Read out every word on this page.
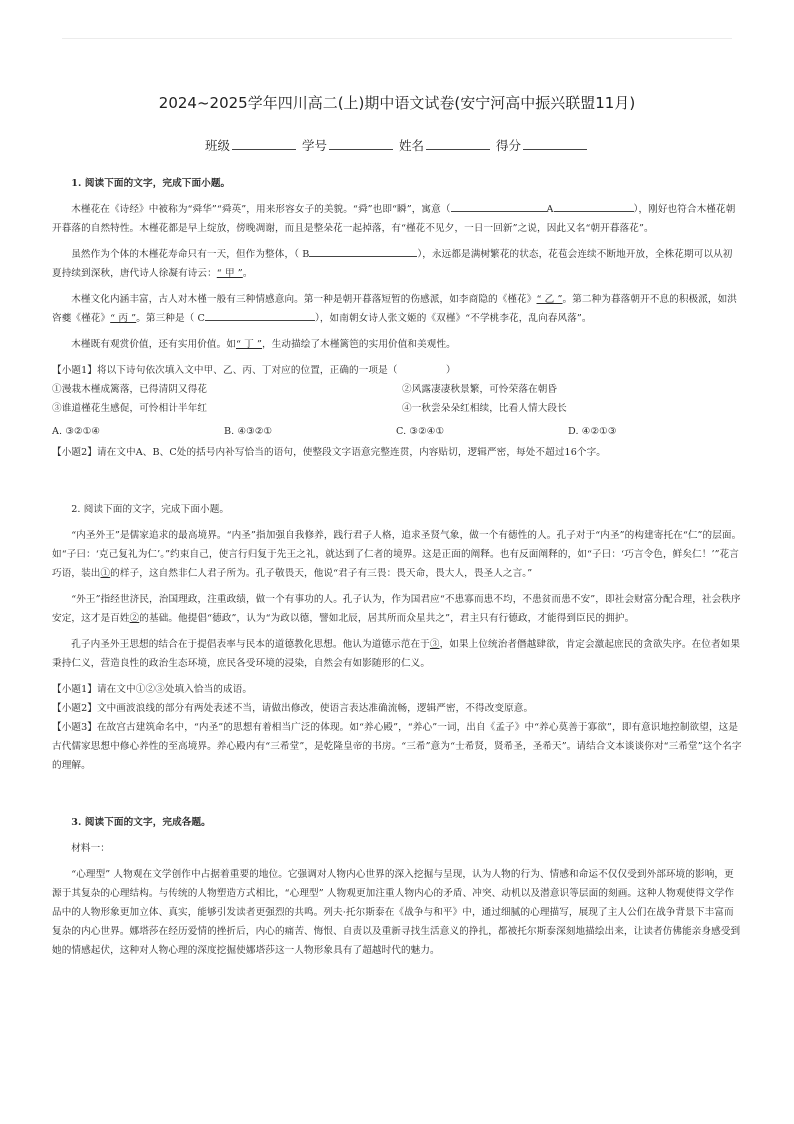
2024~2025学年四川高二(上)期中语文试卷(安宁河高中振兴联盟11月)
班级	学号	姓名	得分

1. 阅读下面的文字，完成下面小题。

木槿花在《诗经》中被称为“舜华”“舜英”，用来形容女子的美貌。“舜”也即“瞬”，寓意（	A	），刚好也符合木槿花朝开暮落的自然特性。木槿花都是早上绽放，傍晚凋谢，而且是整朵花一起掉落，有“槿花不见夕，一日一回新”之说，因此又名“朝开暮落花”。

虽然作为个体的木槿花寿命只有一天，但作为整体，（ B	），永远都是满树繁花的状态，花苞会连续不断地开放，全株花期可以从初夏持续到深秋，唐代诗人徐凝有诗云：“ 甲 ”。

木槿文化内涵丰富，古人对木槿一般有三种情感意向。第一种是朝开暮落短暂的伤感派，如李商隐的《槿花》“ 乙 ”。第二种为暮落朝开不息的积极派，如洪咨夔《槿花》“ 丙 ”。第三种是（ C	），如南朝女诗人张文姬的《双槿》“不学桃李花，乱向春风落”。

木槿既有观赏价值，还有实用价值。如“ 丁 ”，生动描绘了木槿篱笆的实用价值和美观性。

【小题1】将以下诗句依次填入文中甲、乙、丙、丁对应的位置，正确的一项是（　　　　　）

①漫栽木槿成篱落，已得清阴又得花	②风露凄凄秋景繁，可怜荣落在朝昏
③谁道槿花生感促，可怜相计半年红	④一秋尝朵朵红相续，比看人情大段长
A. ③②①④	B. ④③②①	C. ③②④①	D. ④②①③

【小题2】请在文中A、B、C处的括号内补写恰当的语句，使整段文字语意完整连贯，内容贴切，逻辑严密，每处不超过16个字。

2. 阅读下面的文字，完成下面小题。

“内圣外王”是儒家追求的最高境界。“内圣”指加强自我修养，践行君子人格，追求圣贤气象，做一个有德性的人。孔子对于“内圣”的构建寄托在“仁”的层面。如“子曰：‘克己复礼为仁’。”约束自己，使言行归复于先王之礼，就达到了仁者的境界。这是正面的阐释。也有反面阐释的，如“子曰：‘巧言令色，鲜矣仁！’”花言巧语，装出①的样子，这自然非仁人君子所为。孔子敬畏天，他说“君子有三畏：畏天命，畏大人，畏圣人之言。”

“外王”指经世济民，治国理政，注重政绩，做一个有事功的人。孔子认为，作为国君应“不患寡而患不均，不患贫而患不安”，即社会财富分配合理，社会秩序安定，这才是百姓②的基础。他提倡“德政”，认为“为政以德，譬如北辰，居其所而众星共之”，君主只有行德政，才能得到臣民的拥护。

孔子内圣外王思想的结合在于提倡表率与民本的道德教化思想。他认为道德示范在于③，如果上位统治者僭越肆欲，肯定会激起庶民的贪欲失序。在位者如果秉持仁义，营造良性的政治生态环境，庶民各受环境的浸染，自然会有如影随形的仁义。

【小题1】请在文中①②③处填入恰当的成语。

【小题2】文中画波浪线的部分有两处表述不当，请做出修改，使语言表达准确流畅，逻辑严密，不得改变原意。

【小题3】在故宫古建筑命名中，“内圣”的思想有着相当广泛的体现。如“养心殿”，“养心”一词，出自《孟子》中“养心莫善于寡欲”，即有意识地控制欲望，这是古代儒家思想中修心养性的至高境界。养心殿内有“三希堂”，是乾隆皇帝的书房。“三希”意为“士希贤，贤希圣，圣希天”。请结合文本谈谈你对“三希堂”这个名字的理解。

3. 阅读下面的文字，完成各题。

材料一：

“心理型” 人物观在文学创作中占据着重要的地位。它强调对人物内心世界的深入挖掘与呈现，认为人物的行为、情感和命运不仅仅受到外部环境的影响，更源于其复杂的心理结构。与传统的人物塑造方式相比，“心理型” 人物观更加注重人物内心的矛盾、冲突、动机以及潜意识等层面的刻画。这种人物观使得文学作品中的人物形象更加立体、真实，能够引发读者更强烈的共鸣。列夫·托尔斯泰在《战争与和平》中，通过细腻的心理描写，展现了主人公们在战争背景下丰富而复杂的内心世界。娜塔莎在经历爱情的挫折后，内心的痛苦、悔恨、自责以及重新寻找生活意义的挣扎，都被托尔斯泰深刻地描绘出来，让读者仿佛能亲身感受到她的情感起伏，这种对人物心理的深度挖掘使娜塔莎这一人物形象具有了超越时代的魅力。
